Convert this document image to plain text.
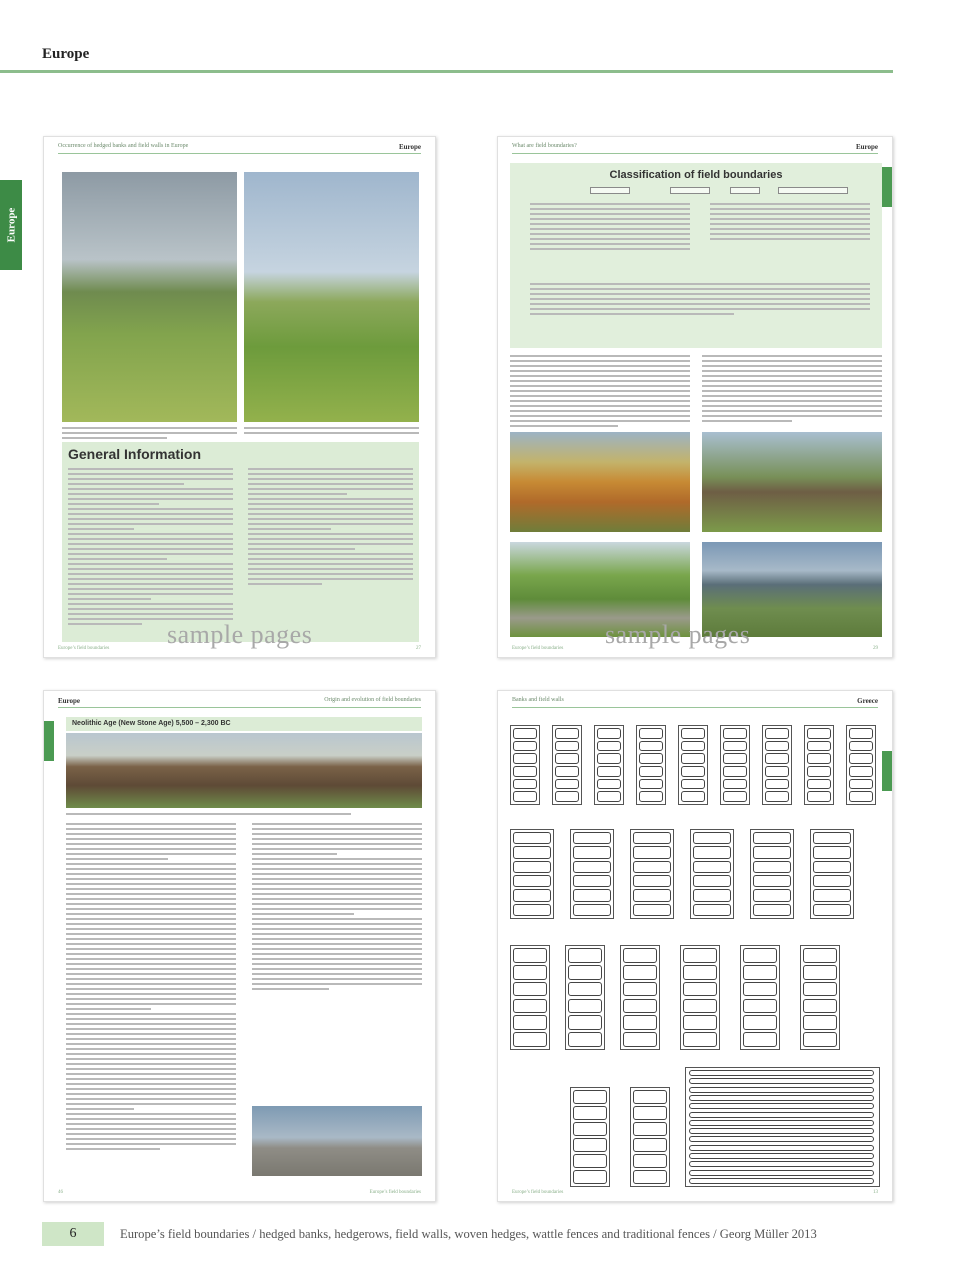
Europe
Europe
Occurrence of hedged banks and field walls in Europe	Europe
General Information
Europe’s field boundaries	27
What are field boundaries?	Europe
Classification of field boundaries
Europe’s field boundaries	29
sample pages	sample pages
Europe	Origin and evolution of field boundaries
Neolithic Age (New Stone Age) 5,500 – 2,300 BC
46	Europe’s field boundaries
Banks and field walls	Greece
Europe’s field boundaries	13
6	Europe’s field boundaries / hedged banks, hedgerows, field walls, woven hedges, wattle fences and traditional fences / Georg Müller 2013
